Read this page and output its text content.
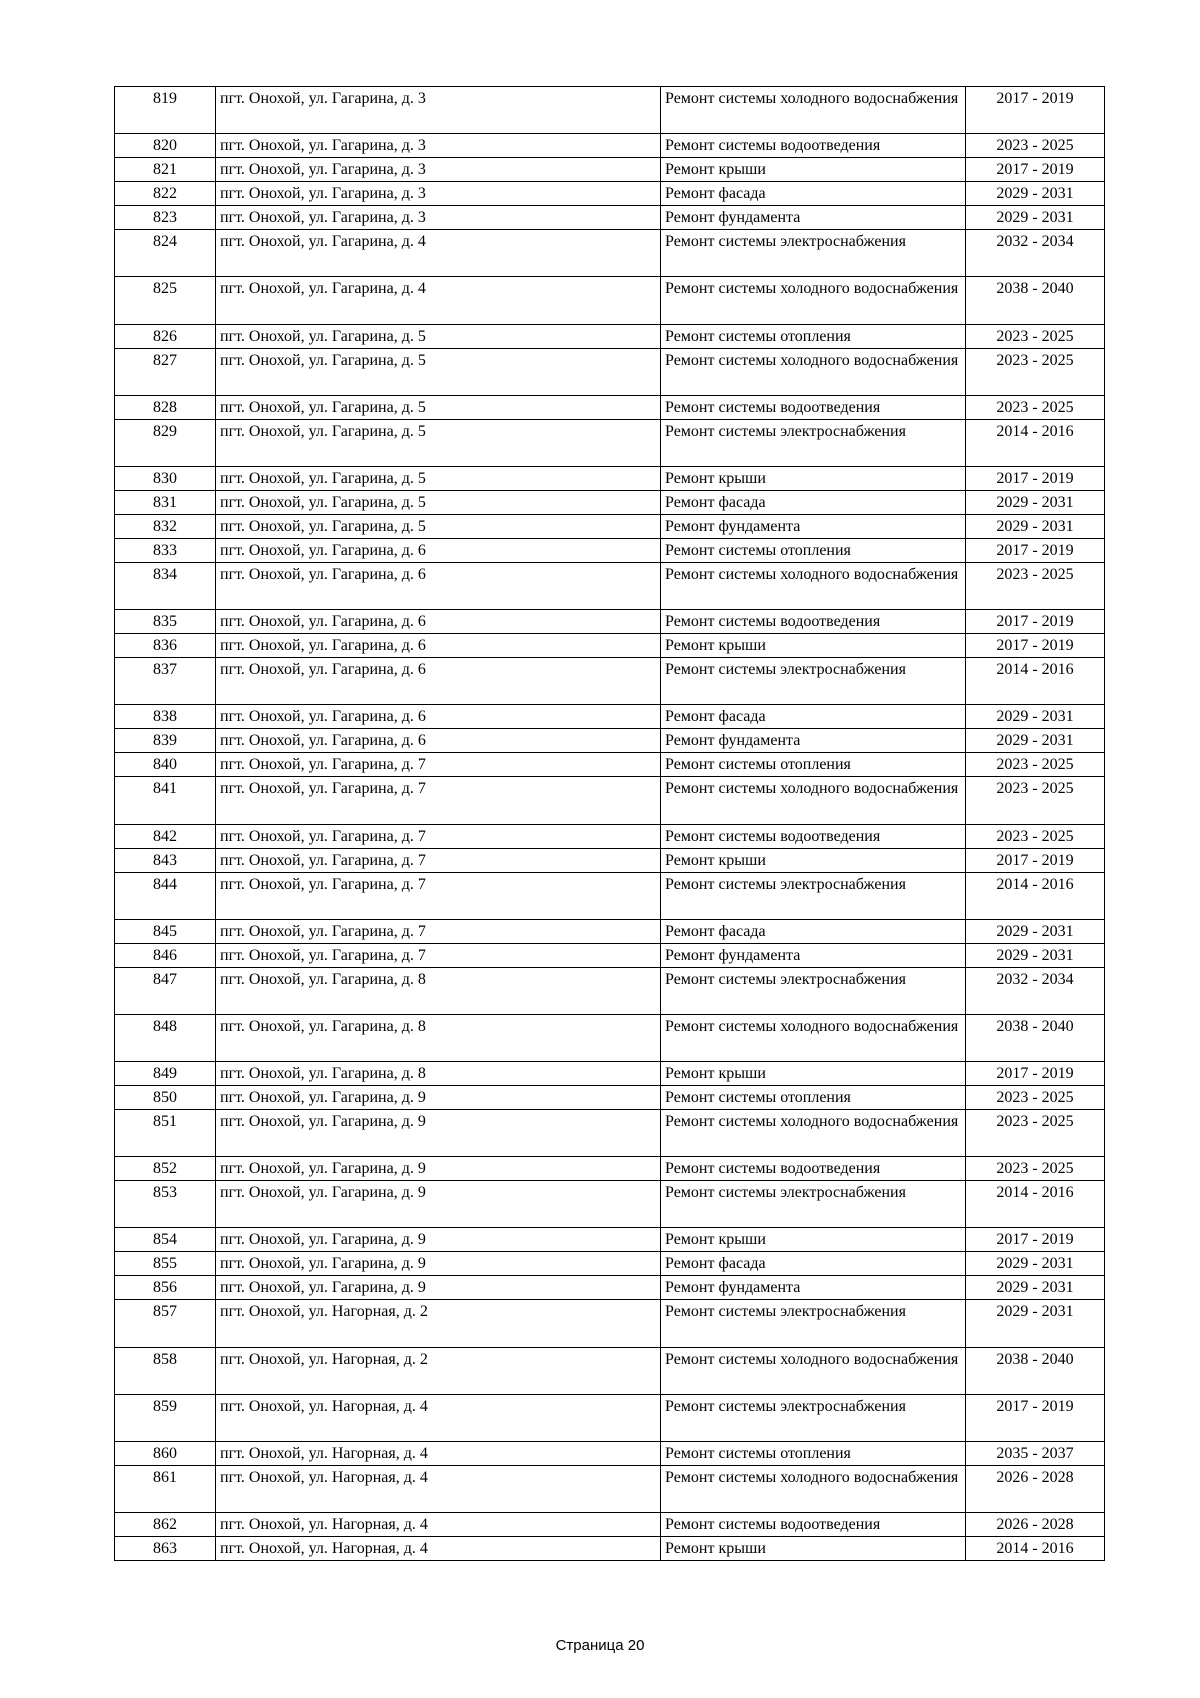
819	пгт. Онохой, ул. Гагарина, д. 3	Ремонт системы холодного водоснабжения	2017 - 2019
820	пгт. Онохой, ул. Гагарина, д. 3	Ремонт системы водоотведения	2023 - 2025
821	пгт. Онохой, ул. Гагарина, д. 3	Ремонт крыши	2017 - 2019
822	пгт. Онохой, ул. Гагарина, д. 3	Ремонт фасада	2029 - 2031
823	пгт. Онохой, ул. Гагарина, д. 3	Ремонт фундамента	2029 - 2031
824	пгт. Онохой, ул. Гагарина, д. 4	Ремонт системы электроснабжения	2032 - 2034
825	пгт. Онохой, ул. Гагарина, д. 4	Ремонт системы холодного водоснабжения	2038 - 2040
826	пгт. Онохой, ул. Гагарина, д. 5	Ремонт системы отопления	2023 - 2025
827	пгт. Онохой, ул. Гагарина, д. 5	Ремонт системы холодного водоснабжения	2023 - 2025
828	пгт. Онохой, ул. Гагарина, д. 5	Ремонт системы водоотведения	2023 - 2025
829	пгт. Онохой, ул. Гагарина, д. 5	Ремонт системы электроснабжения	2014 - 2016
830	пгт. Онохой, ул. Гагарина, д. 5	Ремонт крыши	2017 - 2019
831	пгт. Онохой, ул. Гагарина, д. 5	Ремонт фасада	2029 - 2031
832	пгт. Онохой, ул. Гагарина, д. 5	Ремонт фундамента	2029 - 2031
833	пгт. Онохой, ул. Гагарина, д. 6	Ремонт системы отопления	2017 - 2019
834	пгт. Онохой, ул. Гагарина, д. 6	Ремонт системы холодного водоснабжения	2023 - 2025
835	пгт. Онохой, ул. Гагарина, д. 6	Ремонт системы водоотведения	2017 - 2019
836	пгт. Онохой, ул. Гагарина, д. 6	Ремонт крыши	2017 - 2019
837	пгт. Онохой, ул. Гагарина, д. 6	Ремонт системы электроснабжения	2014 - 2016
838	пгт. Онохой, ул. Гагарина, д. 6	Ремонт фасада	2029 - 2031
839	пгт. Онохой, ул. Гагарина, д. 6	Ремонт фундамента	2029 - 2031
840	пгт. Онохой, ул. Гагарина, д. 7	Ремонт системы отопления	2023 - 2025
841	пгт. Онохой, ул. Гагарина, д. 7	Ремонт системы холодного водоснабжения	2023 - 2025
842	пгт. Онохой, ул. Гагарина, д. 7	Ремонт системы водоотведения	2023 - 2025
843	пгт. Онохой, ул. Гагарина, д. 7	Ремонт крыши	2017 - 2019
844	пгт. Онохой, ул. Гагарина, д. 7	Ремонт системы электроснабжения	2014 - 2016
845	пгт. Онохой, ул. Гагарина, д. 7	Ремонт фасада	2029 - 2031
846	пгт. Онохой, ул. Гагарина, д. 7	Ремонт фундамента	2029 - 2031
847	пгт. Онохой, ул. Гагарина, д. 8	Ремонт системы электроснабжения	2032 - 2034
848	пгт. Онохой, ул. Гагарина, д. 8	Ремонт системы холодного водоснабжения	2038 - 2040
849	пгт. Онохой, ул. Гагарина, д. 8	Ремонт крыши	2017 - 2019
850	пгт. Онохой, ул. Гагарина, д. 9	Ремонт системы отопления	2023 - 2025
851	пгт. Онохой, ул. Гагарина, д. 9	Ремонт системы холодного водоснабжения	2023 - 2025
852	пгт. Онохой, ул. Гагарина, д. 9	Ремонт системы водоотведения	2023 - 2025
853	пгт. Онохой, ул. Гагарина, д. 9	Ремонт системы электроснабжения	2014 - 2016
854	пгт. Онохой, ул. Гагарина, д. 9	Ремонт крыши	2017 - 2019
855	пгт. Онохой, ул. Гагарина, д. 9	Ремонт фасада	2029 - 2031
856	пгт. Онохой, ул. Гагарина, д. 9	Ремонт фундамента	2029 - 2031
857	пгт. Онохой, ул. Нагорная, д. 2	Ремонт системы электроснабжения	2029 - 2031
858	пгт. Онохой, ул. Нагорная, д. 2	Ремонт системы холодного водоснабжения	2038 - 2040
859	пгт. Онохой, ул. Нагорная, д. 4	Ремонт системы электроснабжения	2017 - 2019
860	пгт. Онохой, ул. Нагорная, д. 4	Ремонт системы отопления	2035 - 2037
861	пгт. Онохой, ул. Нагорная, д. 4	Ремонт системы холодного водоснабжения	2026 - 2028
862	пгт. Онохой, ул. Нагорная, д. 4	Ремонт системы водоотведения	2026 - 2028
863	пгт. Онохой, ул. Нагорная, д. 4	Ремонт крыши	2014 - 2016
Страница 20
